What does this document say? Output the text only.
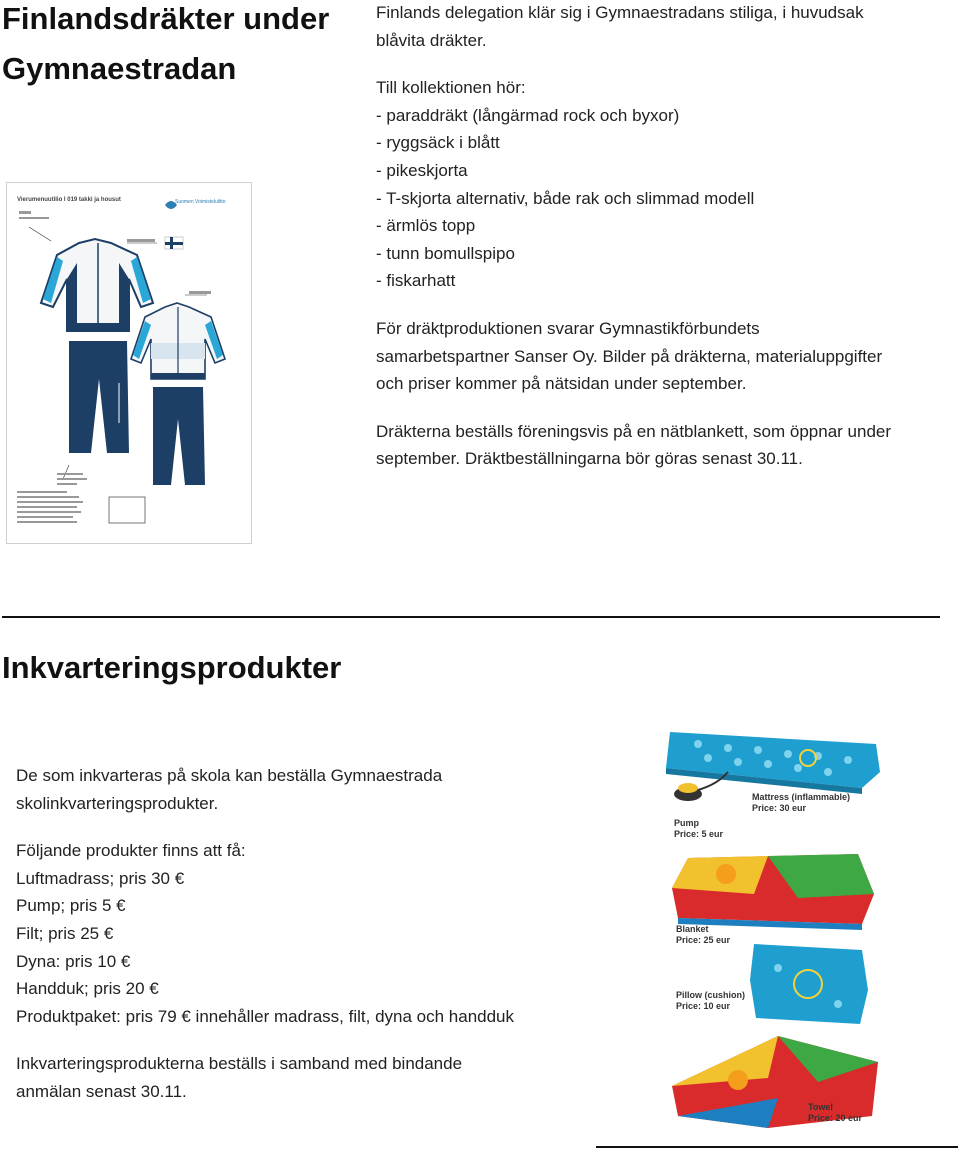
Finlandsdräkter under
Gymnaestradan
Finlands delegation klär sig i Gymnaestradans stiliga, i huvudsak
blåvita dräkter.
Till kollektionen hör:
- paraddräkt (långärmad rock och byxor)
- ryggsäck i blått
- pikeskjorta
- T-skjorta alternativ, både rak och slimmad modell
- ärmlös topp
- tunn bomullspipo
- fiskarhatt
För dräktproduktionen svarar Gymnastikförbundets
samarbetspartner Sanser Oy. Bilder på dräkterna, materialuppgifter
och priser kommer på nätsidan under september.
Dräkterna beställs föreningsvis på en nätblankett, som öppnar under
september. Dräktbeställningarna bör göras senast 30.11.
Vierumenuutilio I 019 takki ja housut	Suomen Voimistelulitto
Inkvarteringsprodukter
De som inkvarteras på skola kan beställa Gymnaestrada
skolinkvarteringsprodukter.
Följande produkter finns att få:
Luftmadrass; pris 30 €
Pump; pris 5 €
Filt; pris 25 €
Dyna: pris 10 €
Handduk; pris 20 €
Produktpaket: pris 79 € innehåller madrass, filt, dyna och handduk
Inkvarteringsprodukterna beställs i samband med bindande
anmälan senast 30.11.
Mattress (inflammable)
Price: 30 eur
Pump
Price: 5 eur
Blanket
Price: 25 eur
Pillow (cushion)
Price: 10 eur
Towel
Price: 20 eur
